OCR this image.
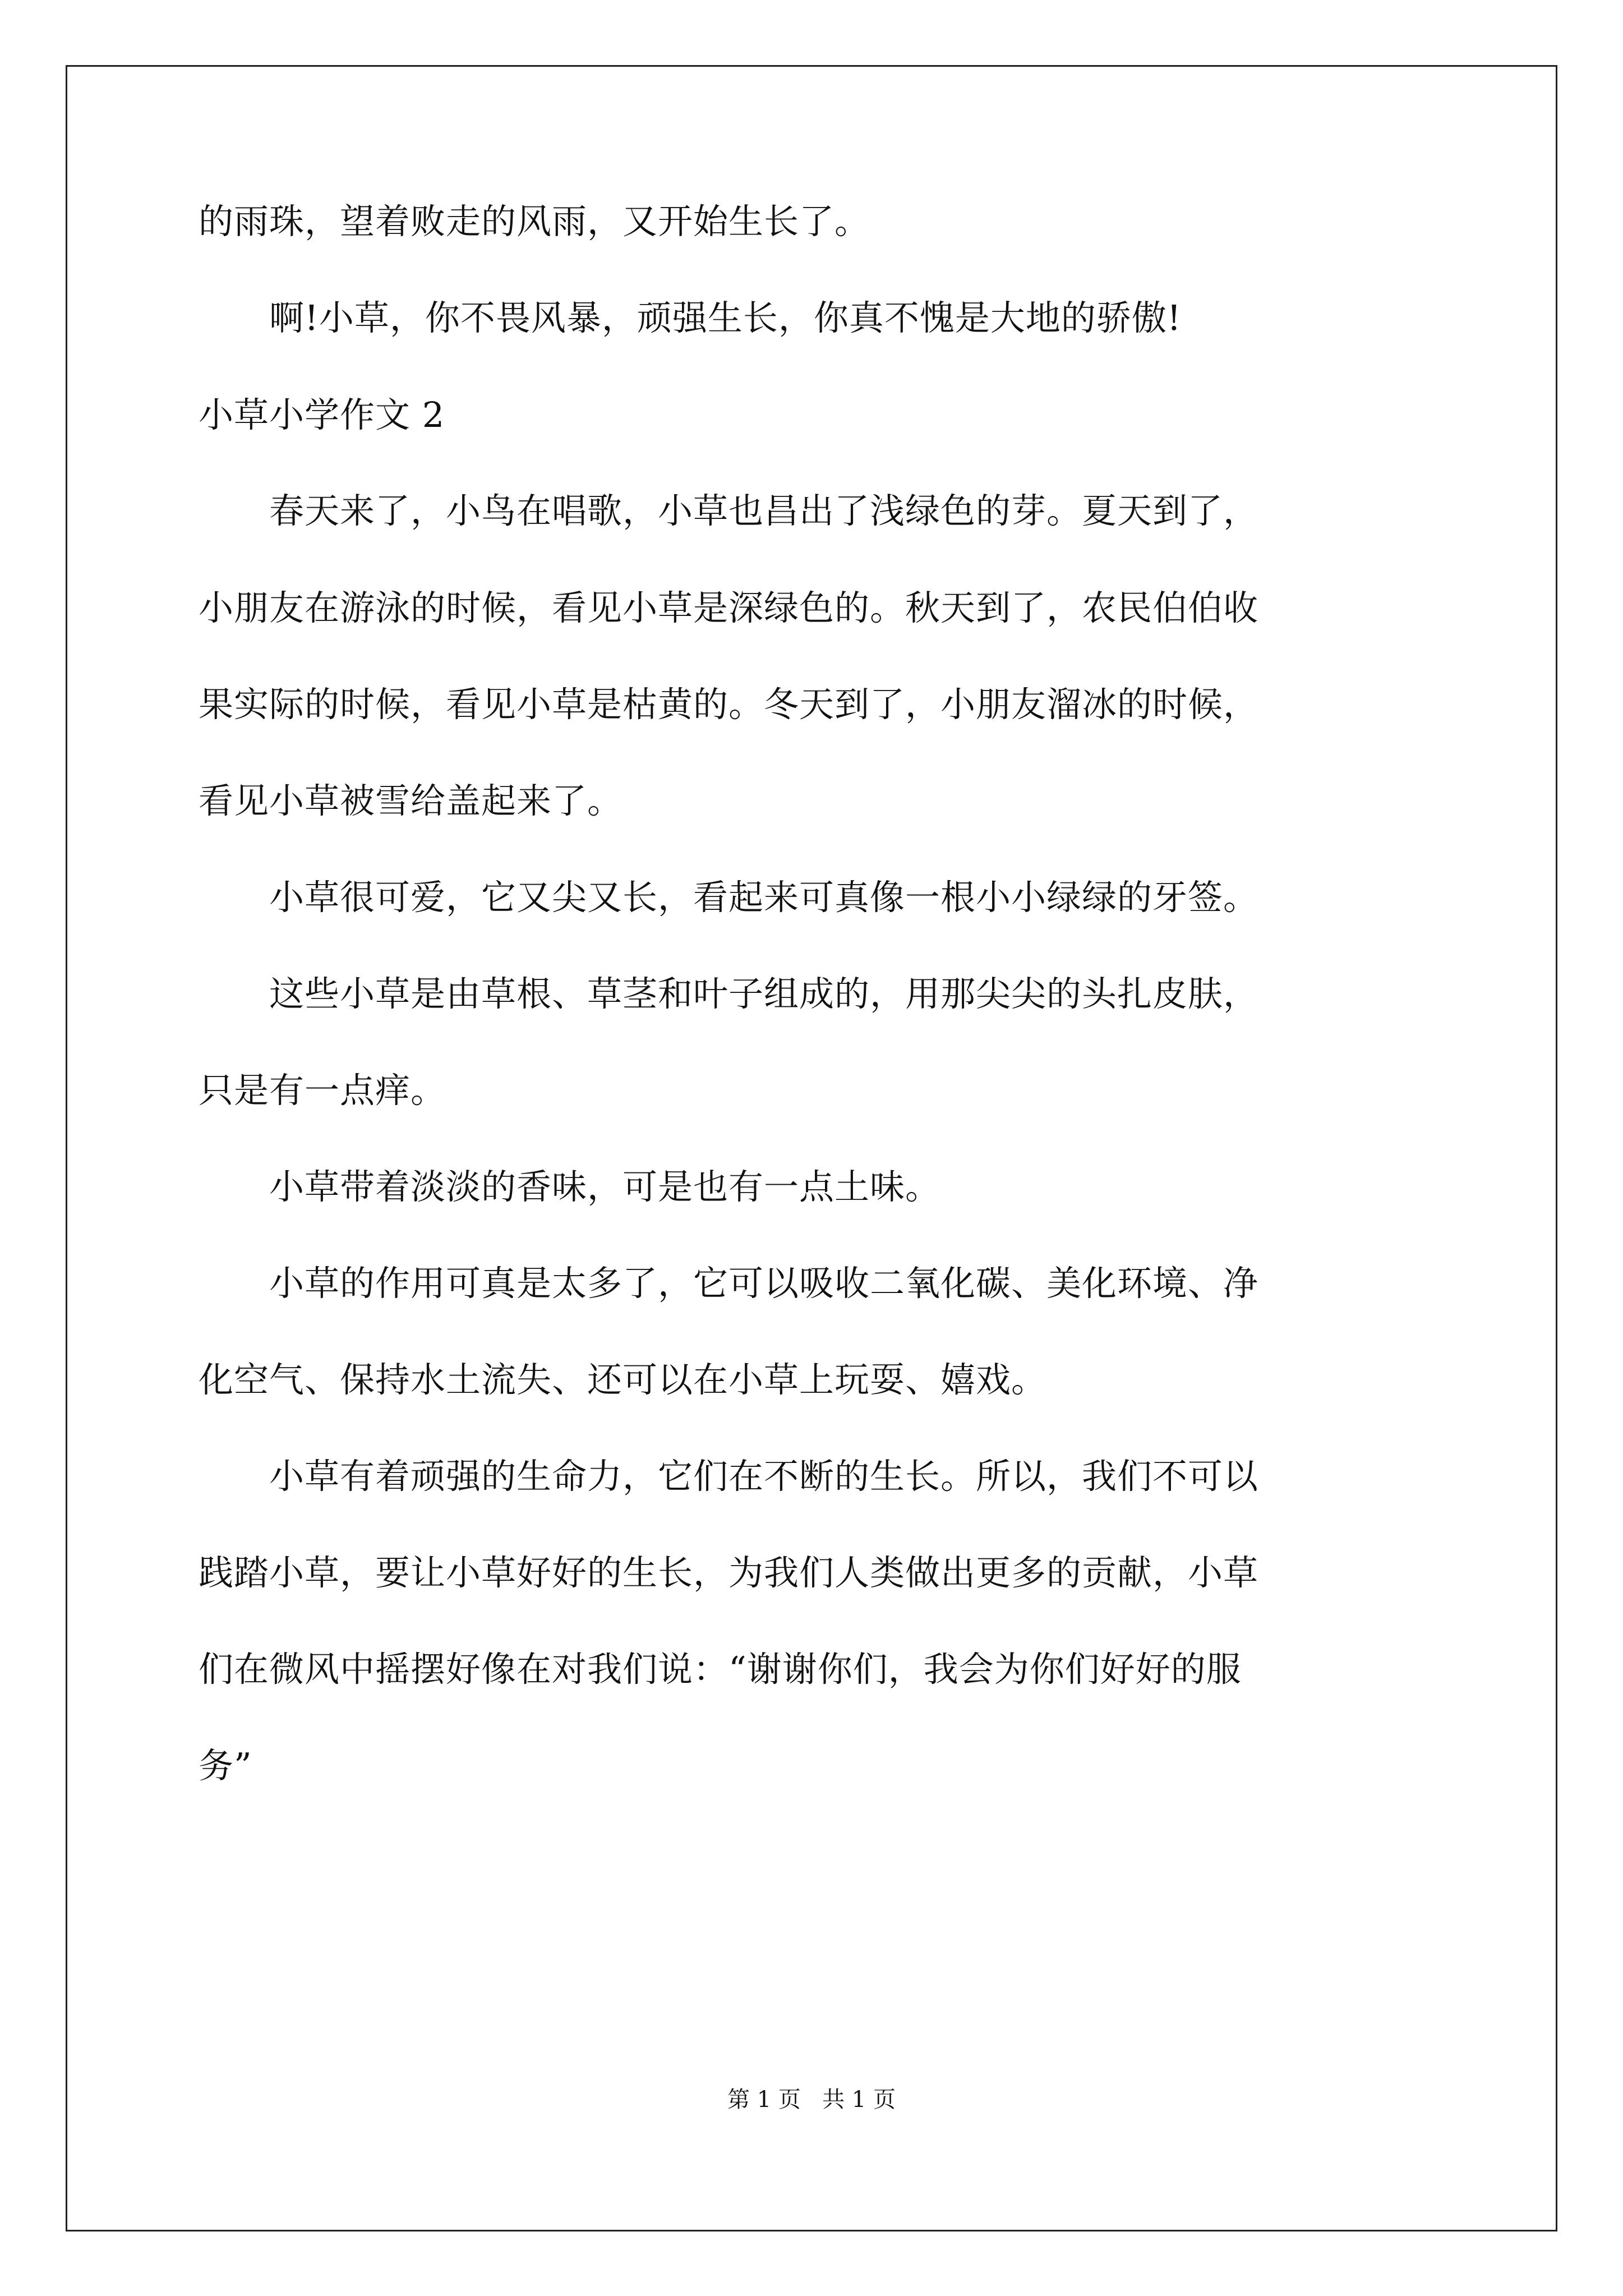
的雨珠，望着败走的风雨，又开始生长了。
　　啊!小草，你不畏风暴，顽强生长，你真不愧是大地的骄傲!
小草小学作文 2
　　春天来了，小鸟在唱歌，小草也昌出了浅绿色的芽。夏天到了，
小朋友在游泳的时候，看见小草是深绿色的。秋天到了，农民伯伯收
果实际的时候，看见小草是枯黄的。冬天到了，小朋友溜冰的时候，
看见小草被雪给盖起来了。
　　小草很可爱，它又尖又长，看起来可真像一根小小绿绿的牙签。
　　这些小草是由草根、草茎和叶子组成的，用那尖尖的头扎皮肤，
只是有一点痒。
　　小草带着淡淡的香味，可是也有一点土味。
　　小草的作用可真是太多了，它可以吸收二氧化碳、美化环境、净
化空气、保持水土流失、还可以在小草上玩耍、嬉戏。
　　小草有着顽强的生命力，它们在不断的生长。所以，我们不可以
践踏小草，要让小草好好的生长，为我们人类做出更多的贡献，小草
们在微风中摇摆好像在对我们说：“谢谢你们，我会为你们好好的服
务”
第 1 页   共 1 页
